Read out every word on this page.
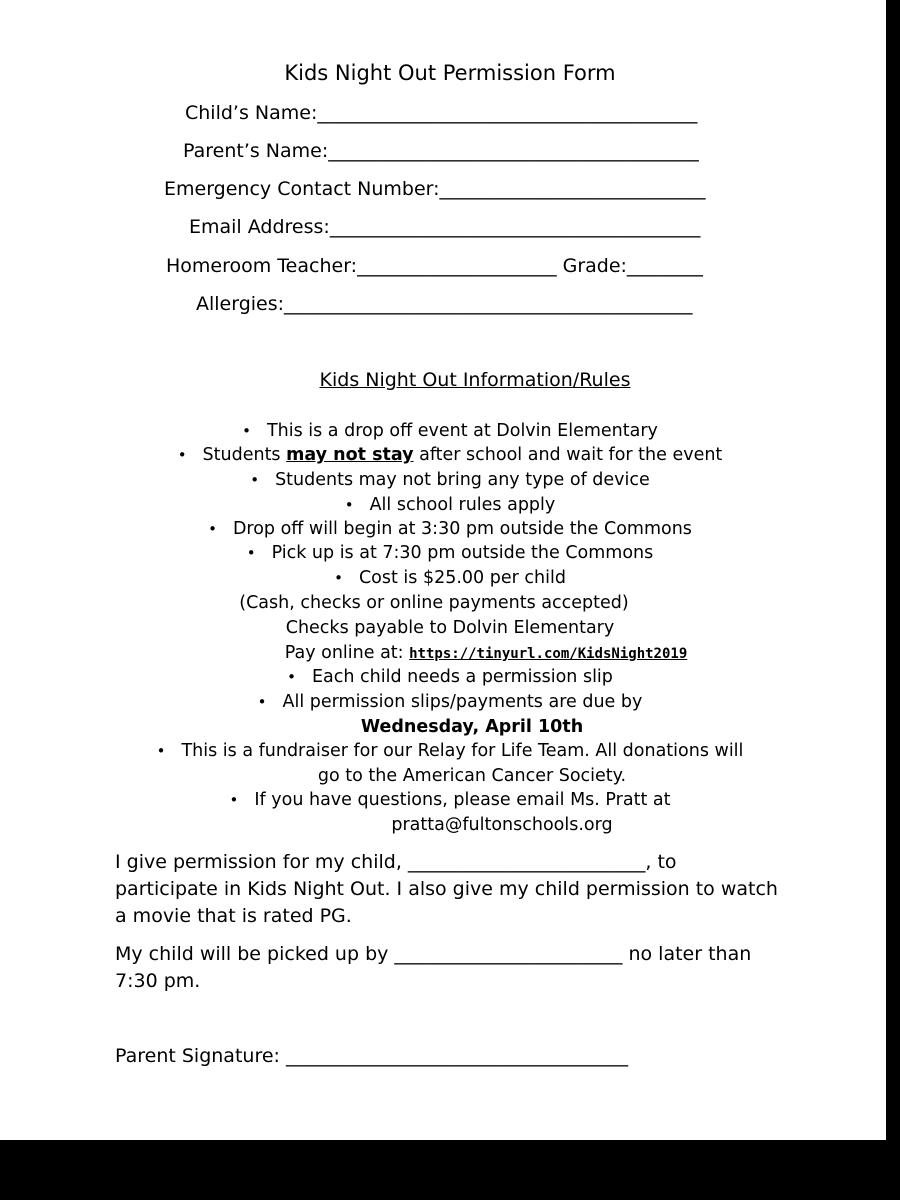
Kids Night Out Permission Form
Child’s Name:________________________________________
Parent’s Name:_______________________________________
Emergency Contact Number:____________________________
Email Address:_______________________________________
Homeroom Teacher:_____________________ Grade:________
Allergies:___________________________________________
Kids Night Out Information/Rules
• This is a drop off event at Dolvin Elementary
• Students may not stay after school and wait for the event
• Students may not bring any type of device
• All school rules apply
• Drop off will begin at 3:30 pm outside the Commons
• Pick up is at 7:30 pm outside the Commons
• Cost is $25.00 per child
(Cash, checks or online payments accepted)
Checks payable to Dolvin Elementary
Pay online at: https://tinyurl.com/KidsNight2019
• Each child needs a permission slip
• All permission slips/payments are due by
Wednesday, April 10th
• This is a fundraiser for our Relay for Life Team. All donations will
go to the American Cancer Society.
• If you have questions, please email Ms. Pratt at
pratta@fultonschools.org
I give permission for my child, _________________________, to
participate in Kids Night Out. I also give my child permission to watch
a movie that is rated PG.
My child will be picked up by ________________________ no later than
7:30 pm.
Parent Signature: ____________________________________
